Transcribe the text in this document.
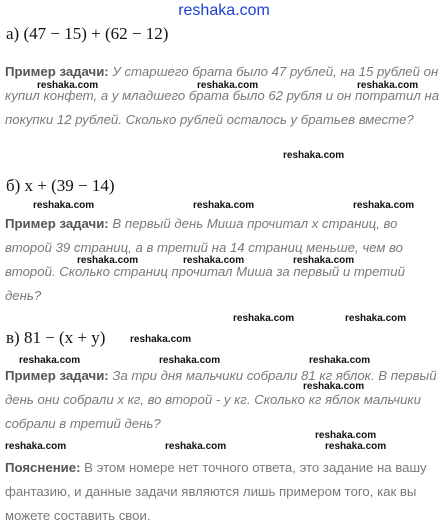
reshaka.com
а) (47 − 15) + (62 − 12)
Пример задачи: У старшего брата было 47 рублей, на 15 рублей он купил конфет, а у младшего брата было 62 рубля и он потратил на покупки 12 рублей. Сколько рублей осталось у братьев вместе?
б) x + (39 − 14)
Пример задачи: В первый день Миша прочитал x страниц, во второй 39 страниц, а в третий на 14 страниц меньше, чем во второй. Сколько страниц прочитал Миша за первый и третий день?
в) 81 − (x + y)
Пример задачи: За три дня мальчики собрали 81 кг яблок. В первый день они собрали x кг, во второй - y кг. Сколько кг яблок мальчики собрали в третий день?
Пояснение: В этом номере нет точного ответа, это задание на вашу фантазию, и данные задачи являются лишь примером того, как вы можете составить свои.
reshaka.com	reshaka.com	reshaka.com
reshaka.com
reshaka.com	reshaka.com	reshaka.com
reshaka.com	reshaka.com	reshaka.com
reshaka.com	reshaka.com
reshaka.com
reshaka.com	reshaka.com	reshaka.com
reshaka.com
reshaka.com
reshaka.com	reshaka.com	reshaka.com
